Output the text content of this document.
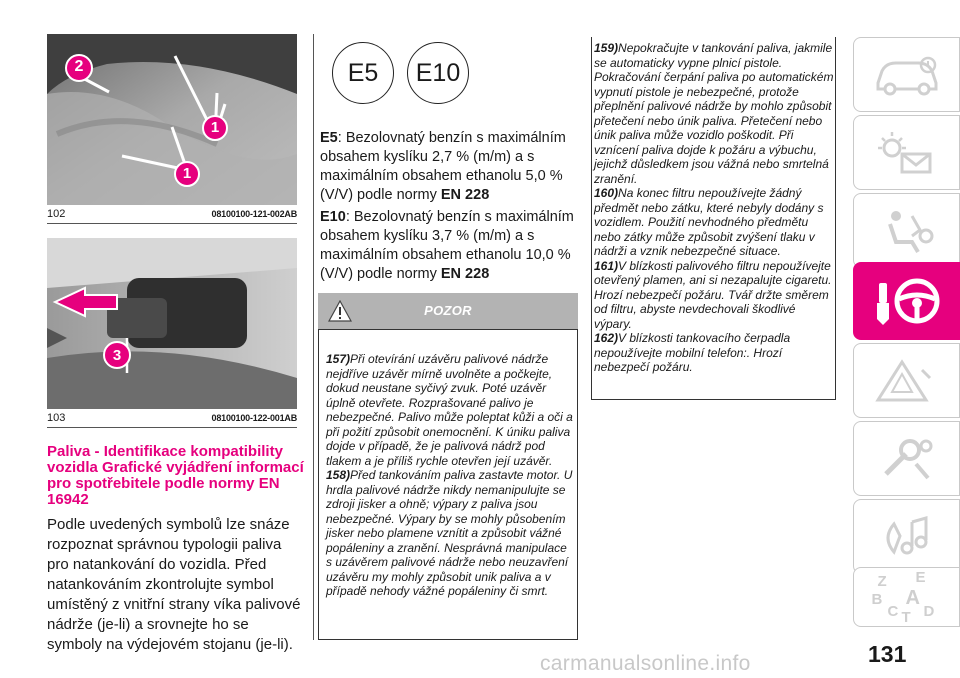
2
1
1
102	08100100-121-002AB
3
103	08100100-122-001AB
Paliva - Identifikace kompatibility vozidla Grafické vyjádření informací pro spotřebitele podle normy EN 16942
Podle uvedených symbolů lze snáze rozpoznat správnou typologii paliva pro natankování do vozidla. Před natankováním zkontrolujte symbol umístěný z vnitřní strany víka palivové nádrže (je-li) a srovnejte ho se symboly na výdejovém stojanu (je-li).
E5	E10
E5: Bezolovnatý benzín s maximálním obsahem kyslíku 2,7 % (m/m) a s maximálním obsahem ethanolu 5,0 % (V/V) podle normy EN 228
E10: Bezolovnatý benzín s maximálním obsahem kyslíku 3,7 % (m/m) a s maximálním obsahem ethanolu 10,0 % (V/V) podle normy EN 228
POZOR

157)Při otevírání uzávěru palivové nádrže nejdříve uzávěr mírně uvolněte a počkejte, dokud neustane syčivý zvuk. Poté uzávěr úplně otevřete. Rozprašované palivo je nebezpečné. Palivo může poleptat kůži a oči a při požití způsobit onemocnění. K úniku paliva dojde v případě, že je palivová nádrž pod tlakem a je příliš rychle otevřen její uzávěr.

158)Před tankováním paliva zastavte motor. U hrdla palivové nádrže nikdy nemanipulujte se zdroji jisker a ohně; výpary z paliva jsou nebezpečné. Výpary by se mohly působením jisker nebo plamene vznítit a způsobit vážné popáleniny a zranění. Nesprávná manipulace s uzávěrem palivové nádrže nebo neuzavření uzávěru my mohly způsobit unik paliva a v případě nehody vážné popáleniny či smrt.

159)Nepokračujte v tankování paliva, jakmile se automaticky vypne plnicí pistole. Pokračování čerpání paliva po automatickém vypnutí pistole je nebezpečné, protože přeplnění palivové nádrže by mohlo způsobit přetečení nebo únik paliva. Přetečení nebo únik paliva může vozidlo poškodit. Při vznícení paliva dojde k požáru a výbuchu, jejichž důsledkem jsou vážná nebo smrtelná zranění.

160)Na konec filtru nepoužívejte žádný předmět nebo zátku, které nebyly dodány s vozidlem. Použití nevhodného předmětu nebo zátky může způsobit zvýšení tlaku v nádrži a vznik nebezpečné situace.

161)V blízkosti palivového filtru nepoužívejte otevřený plamen, ani si nezapalujte cigaretu. Hrozí nebezpečí požáru. Tvář držte směrem od filtru, abyste nevdechovali škodlivé výpary.

162)V blízkosti tankovacího čerpadla nepoužívejte mobilní telefon:. Hrozí nebezpečí požáru.

Z E
B A
C T D
131
carmanualsonline.info
